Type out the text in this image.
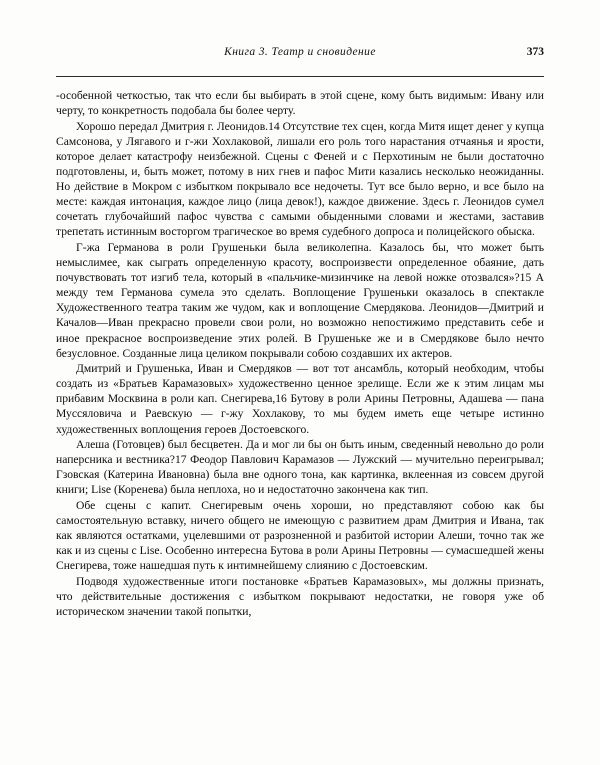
Книга 3. Театр и сновидение	373

-особенной четкостью, так что если бы выбирать в этой сцене, кому быть видимым: Ивану или черту, то конкретность подобала бы более черту.

Хорошо передал Дмитрия г. Леонидов.14 Отсутствие тех сцен, когда Митя ищет денег у купца Самсонова, у Лягавого и г-жи Хохлаковой, лишали его роль того нарастания отчаянья и ярости, которое делает катастрофу неизбежной. Сцены с Феней и с Перхотиным не были достаточно подготовлены, и, быть может, потому в них гнев и пафос Мити казались несколько неожиданны. Но действие в Мокром с избытком покрывало все недочеты. Тут все было верно, и все было на месте: каждая интонация, каждое лицо (лица девок!), каждое движение. Здесь г. Леонидов сумел сочетать глубочайший пафос чувства с самыми обыденными словами и жестами, заставив трепетать истинным восторгом трагическое во время судебного допроса и полицейского обыска.

Г-жа Германова в роли Грушеньки была великолепна. Казалось бы, что может быть немыслимее, как сыграть определенную красоту, воспроизвести определенное обаяние, дать почувствовать тот изгиб тела, который в «пальчике-мизинчике на левой ножке отозвался»?15 А между тем Германова сумела это сделать. Воплощение Грушеньки оказалось в спектакле Художественного театра таким же чудом, как и воплощение Смердякова. Леонидов—Дмитрий и Качалов—Иван прекрасно провели свои роли, но возможно непостижимо представить себе и иное прекрасное воспроизведение этих ролей. В Грушеньке же и в Смердякове было нечто безусловное. Созданные лица целиком покрывали собою создавших их актеров.

Дмитрий и Грушенька, Иван и Смердяков — вот тот ансамбль, который необходим, чтобы создать из «Братьев Карамазовых» художественно ценное зрелище. Если же к этим лицам мы прибавим Москвина в роли кап. Снегирева,16 Бутову в роли Арины Петровны, Адашева — пана Муссяловича и Раевскую — г-жу Хохлакову, то мы будем иметь еще четыре истинно художественных воплощения героев Достоевского.

Алеша (Готовцев) был бесцветен. Да и мог ли бы он быть иным, сведенный невольно до роли наперсника и вестника?17 Феодор Павлович Карамазов — Лужский — мучительно переигрывал; Гзовская (Катерина Ивановна) была вне одного тона, как картинка, вклеенная из совсем другой книги; Lise (Коренева) была неплоха, но и недостаточно закончена как тип.

Обе сцены с капит. Снегиревым очень хороши, но представляют собою как бы самостоятельную вставку, ничего общего не имеющую с развитием драм Дмитрия и Ивана, так как являются остатками, уцелевшими от разрозненной и разбитой истории Алеши, точно так же как и из сцены с Lise. Особенно интересна Бутова в роли Арины Петровны — сумасшедшей жены Снегирева, тоже нашедшая путь к интимнейшему слиянию с Достоевским.

Подводя художественные итоги постановке «Братьев Карамазовых», мы должны признать, что действительные достижения с избытком покрывают недостатки, не говоря уже об историческом значении такой попытки,
